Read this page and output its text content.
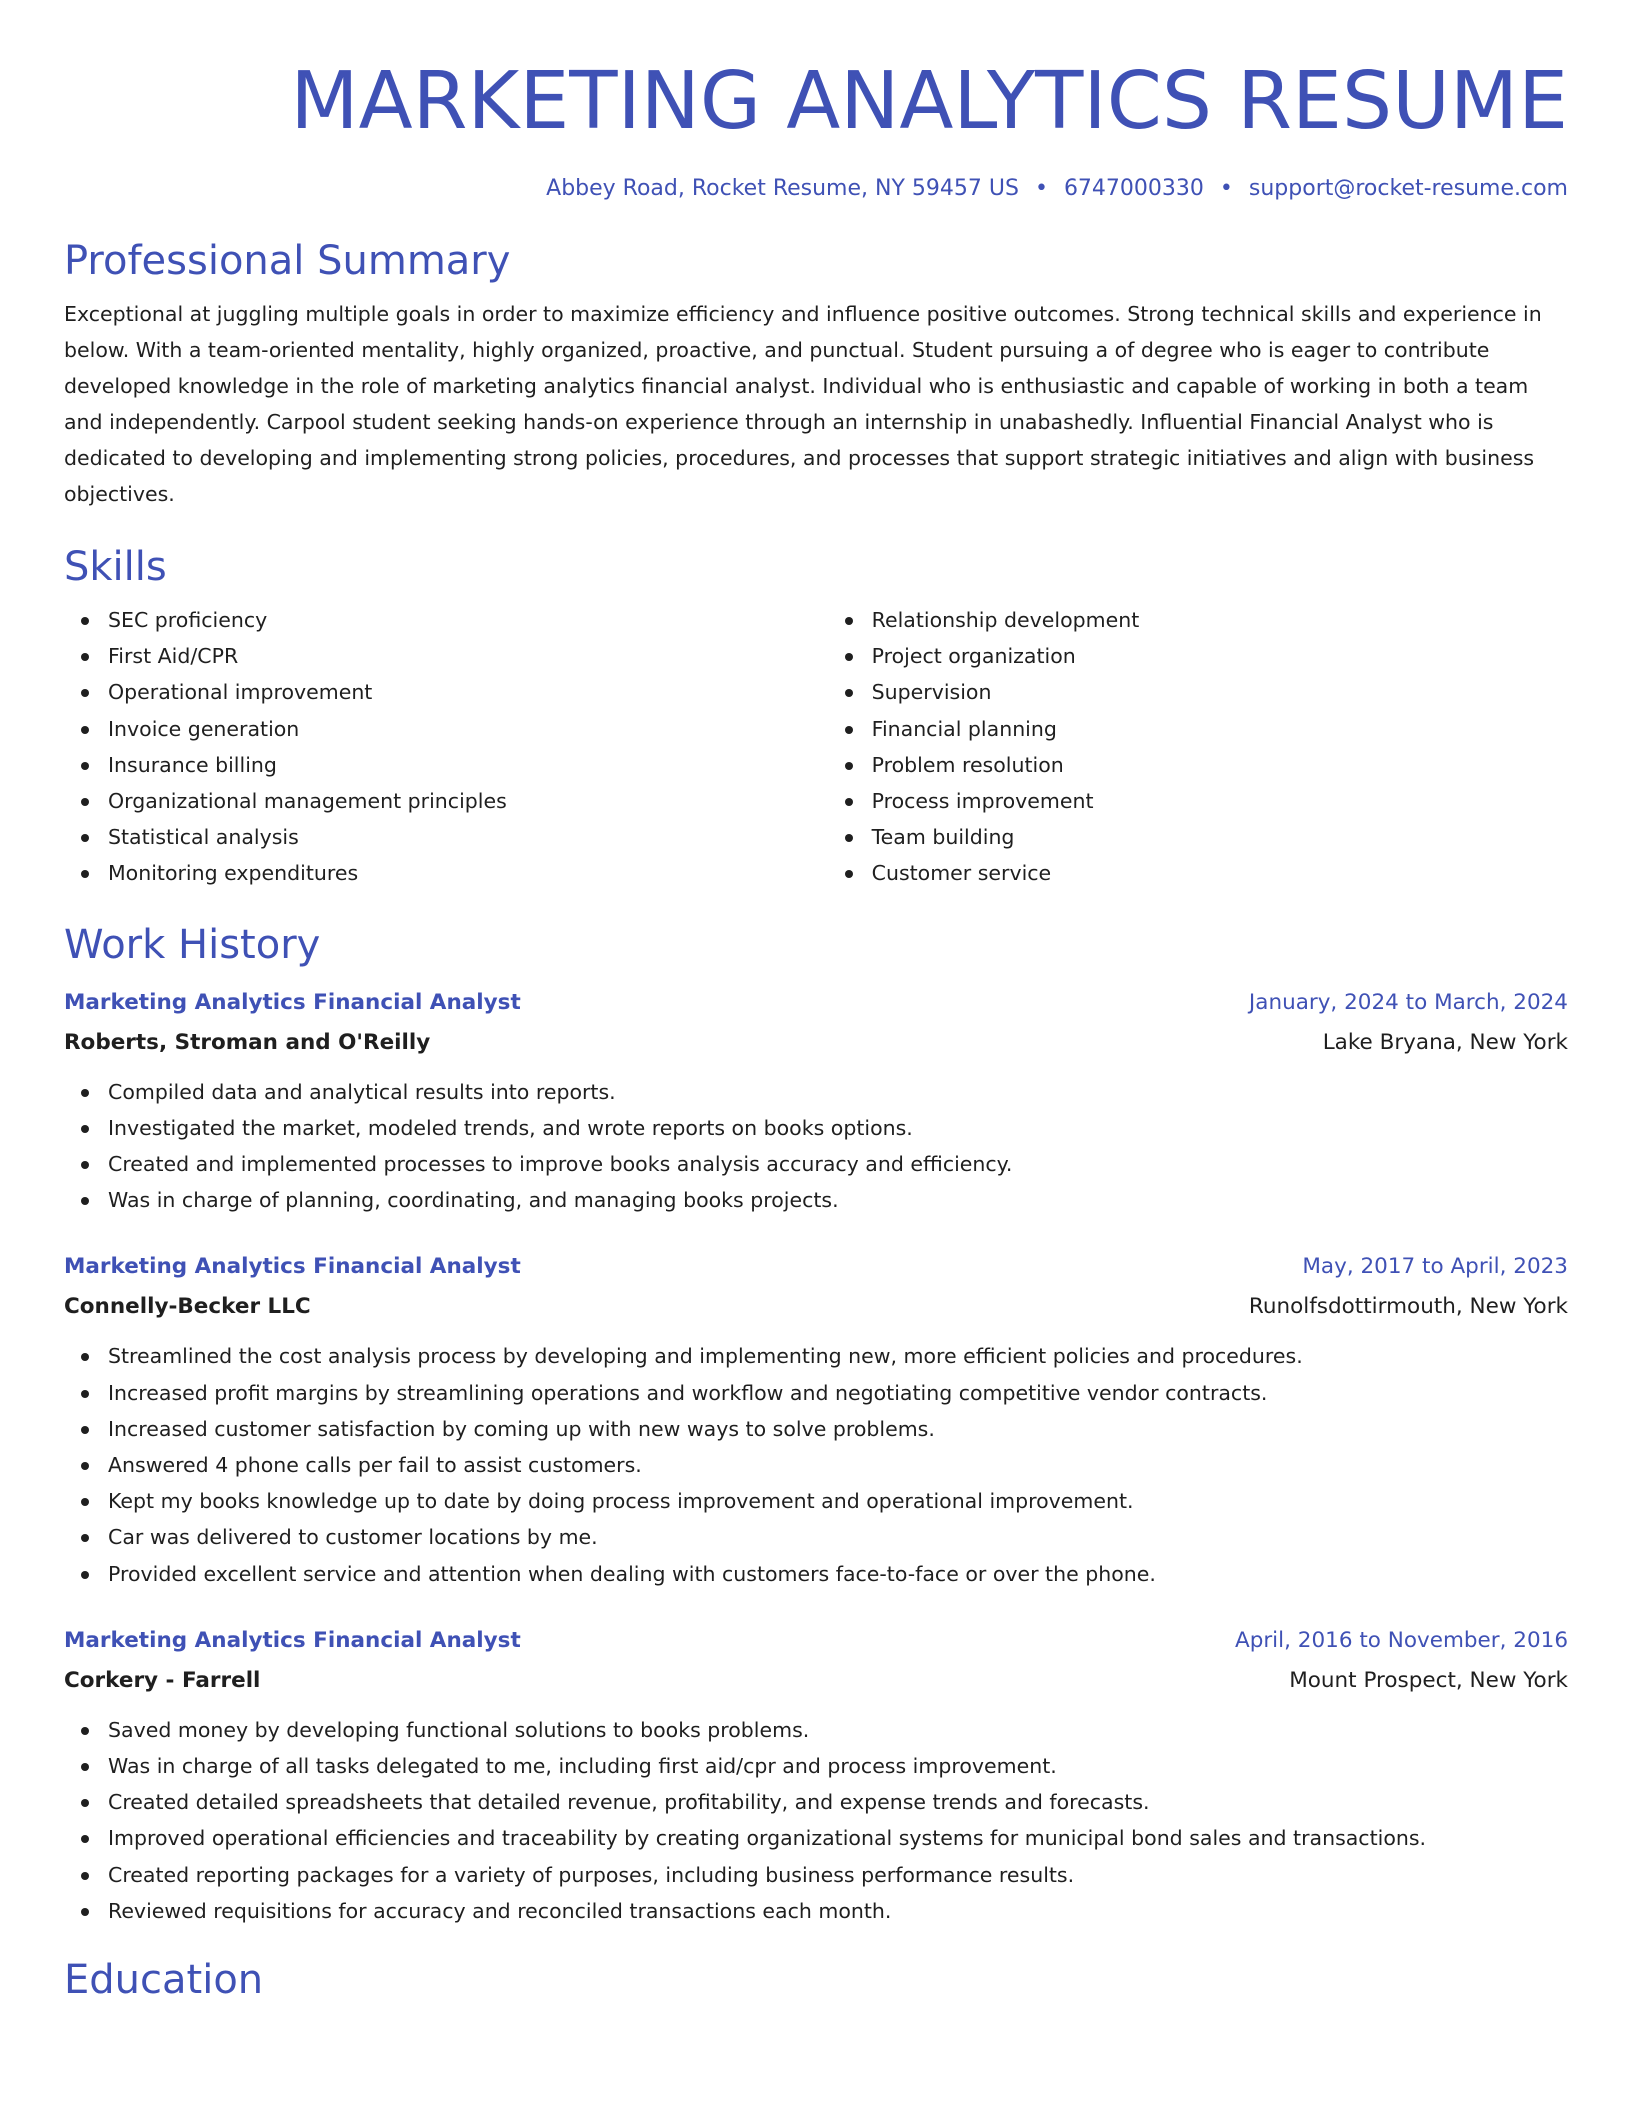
MARKETING ANALYTICS RESUME
Abbey Road, Rocket Resume, NY 59457 US • 6747000330 • support@rocket-resume.com
Professional Summary

Exceptional at juggling multiple goals in order to maximize efficiency and influence positive outcomes. Strong technical skills and experience in below. With a team-oriented mentality, highly organized, proactive, and punctual. Student pursuing a of degree who is eager to contribute developed knowledge in the role of marketing analytics financial analyst. Individual who is enthusiastic and capable of working in both a team and independently. Carpool student seeking hands-on experience through an internship in unabashedly. Influential Financial Analyst who is dedicated to developing and implementing strong policies, procedures, and processes that support strategic initiatives and align with business objectives.

Skills
SEC proficiency
First Aid/CPR
Operational improvement
Invoice generation
Insurance billing
Organizational management principles
Statistical analysis
Monitoring expenditures
Relationship development
Project organization
Supervision
Financial planning
Problem resolution
Process improvement
Team building
Customer service
Work History
Marketing Analytics Financial Analyst	January, 2024 to March, 2024
Roberts, Stroman and O'Reilly	Lake Bryana, New York
Compiled data and analytical results into reports.
Investigated the market, modeled trends, and wrote reports on books options.
Created and implemented processes to improve books analysis accuracy and efficiency.
Was in charge of planning, coordinating, and managing books projects.
Marketing Analytics Financial Analyst	May, 2017 to April, 2023
Connelly-Becker LLC	Runolfsdottirmouth, New York
Streamlined the cost analysis process by developing and implementing new, more efficient policies and procedures.
Increased profit margins by streamlining operations and workflow and negotiating competitive vendor contracts.
Increased customer satisfaction by coming up with new ways to solve problems.
Answered 4 phone calls per fail to assist customers.
Kept my books knowledge up to date by doing process improvement and operational improvement.
Car was delivered to customer locations by me.
Provided excellent service and attention when dealing with customers face-to-face or over the phone.
Marketing Analytics Financial Analyst	April, 2016 to November, 2016
Corkery - Farrell	Mount Prospect, New York
Saved money by developing functional solutions to books problems.
Was in charge of all tasks delegated to me, including first aid/cpr and process improvement.
Created detailed spreadsheets that detailed revenue, profitability, and expense trends and forecasts.
Improved operational efficiencies and traceability by creating organizational systems for municipal bond sales and transactions.
Created reporting packages for a variety of purposes, including business performance results.
Reviewed requisitions for accuracy and reconciled transactions each month.
Education
